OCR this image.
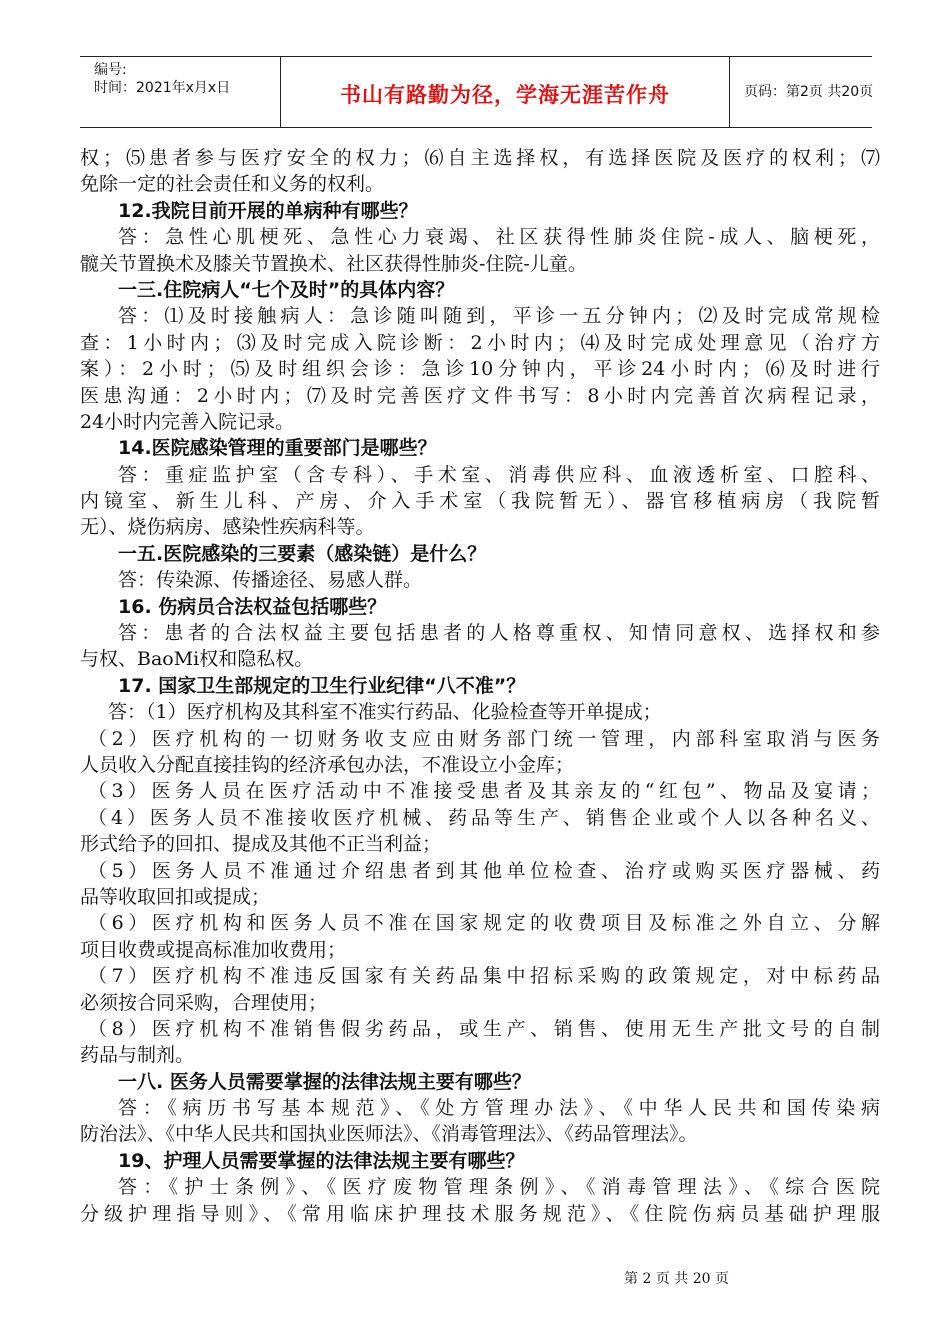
编号:
时间：2021年x月x日	书山有路勤为径，学海无涯苦作舟	页码：第2页 共20页
权；⑸患者参与医疗安全的权力；⑹自主选择权，有选择医院及医疗的权利；⑺
免除一定的社会责任和义务的权利。
12.我院目前开展的单病种有哪些？
答：急性心肌梗死、急性心力衰竭、社区获得性肺炎住院-成人、脑梗死，
髋关节置换术及膝关节置换术、社区获得性肺炎-住院-儿童。
一三.住院病人“七个及时”的具体内容？
答：⑴及时接触病人：急诊随叫随到，平诊一五分钟内；⑵及时完成常规检
查：1小时内；⑶及时完成入院诊断：2小时内；⑷及时完成处理意见（治疗方
案）：2小时；⑸及时组织会诊：急诊10分钟内，平诊24小时内；⑹及时进行
医患沟通：2小时内；⑺及时完善医疗文件书写：8小时内完善首次病程记录，
24小时内完善入院记录。
14.医院感染管理的重要部门是哪些？
答：重症监护室（含专科）、手术室、消毒供应科、血液透析室、口腔科、
内镜室、新生儿科、产房、介入手术室（我院暂无）、器官移植病房（我院暂
无）、烧伤病房、感染性疾病科等。
一五.医院感染的三要素（感染链）是什么？
答：传染源、传播途径、易感人群。
16. 伤病员合法权益包括哪些？
答：患者的合法权益主要包括患者的人格尊重权、知情同意权、选择权和参
与权、BaoMi权和隐私权。
17. 国家卫生部规定的卫生行业纪律“八不准”？
答：（1）医疗机构及其科室不准实行药品、化验检查等开单提成；
（2）医疗机构的一切财务收支应由财务部门统一管理，内部科室取消与医务
人员收入分配直接挂钩的经济承包办法，不准设立小金库；
（3）医务人员在医疗活动中不准接受患者及其亲友的“红包”、物品及宴请；
（4）医务人员不准接收医疗机械、药品等生产、销售企业或个人以各种名义、
形式给予的回扣、提成及其他不正当利益；
（5）医务人员不准通过介绍患者到其他单位检查、治疗或购买医疗器械、药
品等收取回扣或提成；
（6）医疗机构和医务人员不准在国家规定的收费项目及标准之外自立、分解
项目收费或提高标准加收费用；
（7）医疗机构不准违反国家有关药品集中招标采购的政策规定，对中标药品
必须按合同采购，合理使用；
（8）医疗机构不准销售假劣药品，或生产、销售、使用无生产批文号的自制
药品与制剂。
一八. 医务人员需要掌握的法律法规主要有哪些？
答：《病历书写基本规范》、《处方管理办法》、《中华人民共和国传染病
防治法》、《中华人民共和国执业医师法》、《消毒管理法》、《药品管理法》。
19、护理人员需要掌握的法律法规主要有哪些？
答：《护士条例》、《医疗废物管理条例》、《消毒管理法》、《综合医院
分级护理指导则》、《常用临床护理技术服务规范》、《住院伤病员基础护理服
第 2 页 共 20 页
